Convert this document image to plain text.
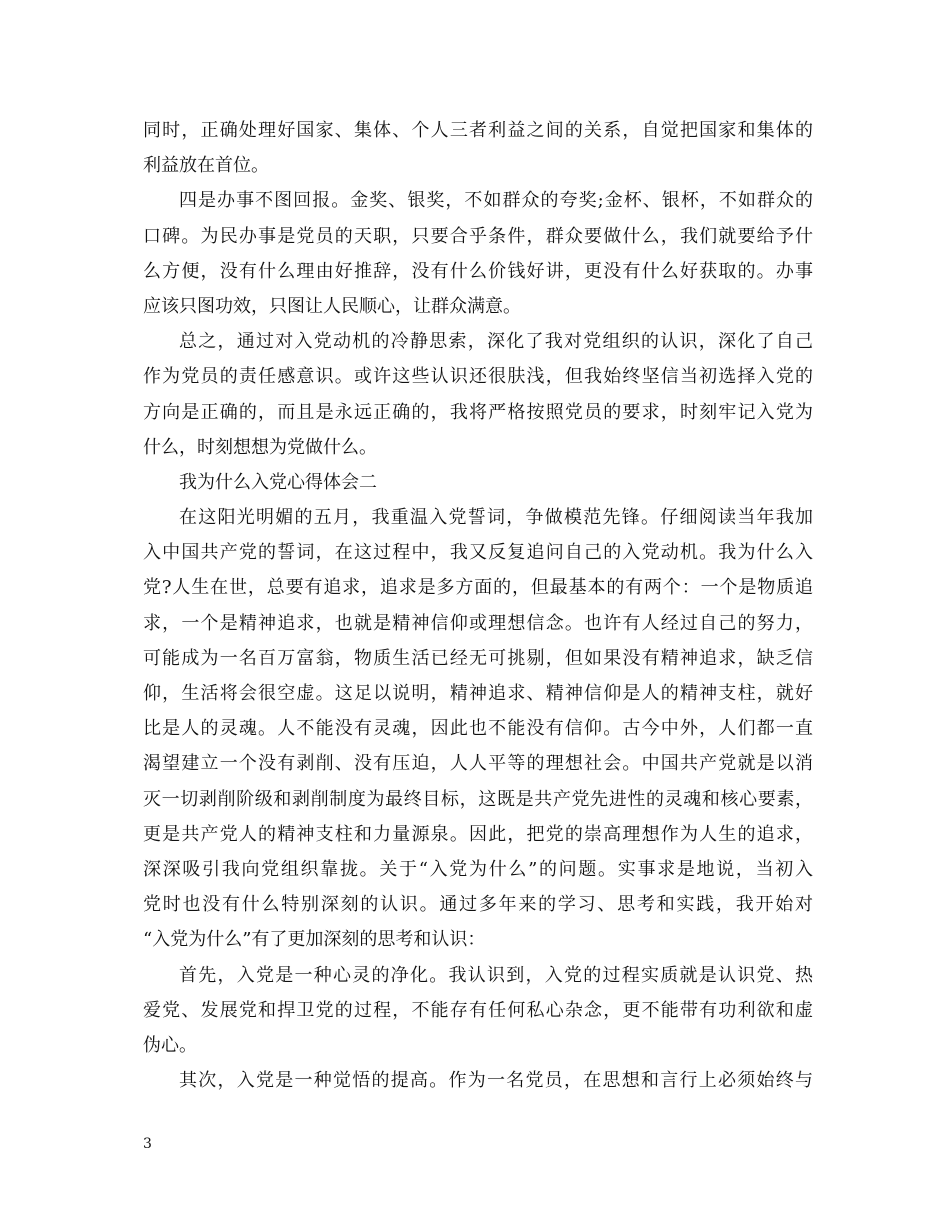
同时，正确处理好国家、集体、个人三者利益之间的关系，自觉把国家和集体的
利益放在首位。
四是办事不图回报。金奖、银奖，不如群众的夸奖;金杯、银杯，不如群众的
口碑。为民办事是党员的天职，只要合乎条件，群众要做什么，我们就要给予什
么方便，没有什么理由好推辞，没有什么价钱好讲，更没有什么好获取的。办事
应该只图功效，只图让人民顺心，让群众满意。
总之，通过对入党动机的冷静思索，深化了我对党组织的认识，深化了自己
作为党员的责任感意识。或许这些认识还很肤浅，但我始终坚信当初选择入党的
方向是正确的，而且是永远正确的，我将严格按照党员的要求，时刻牢记入党为
什么，时刻想想为党做什么。
我为什么入党心得体会二
在这阳光明媚的五月，我重温入党誓词，争做模范先锋。仔细阅读当年我加
入中国共产党的誓词，在这过程中，我又反复追问自己的入党动机。我为什么入
党?人生在世，总要有追求，追求是多方面的，但最基本的有两个：一个是物质追
求，一个是精神追求，也就是精神信仰或理想信念。也许有人经过自己的努力，
可能成为一名百万富翁，物质生活已经无可挑剔，但如果没有精神追求，缺乏信
仰，生活将会很空虚。这足以说明，精神追求、精神信仰是人的精神支柱，就好
比是人的灵魂。人不能没有灵魂，因此也不能没有信仰。古今中外，人们都一直
渴望建立一个没有剥削、没有压迫，人人平等的理想社会。中国共产党就是以消
灭一切剥削阶级和剥削制度为最终目标，这既是共产党先进性的灵魂和核心要素，
更是共产党人的精神支柱和力量源泉。因此，把党的崇高理想作为人生的追求，
深深吸引我向党组织靠拢。关于“入党为什么”的问题。实事求是地说，当初入
党时也没有什么特别深刻的认识。通过多年来的学习、思考和实践，我开始对
“入党为什么”有了更加深刻的思考和认识：
首先，入党是一种心灵的净化。我认识到，入党的过程实质就是认识党、热
爱党、发展党和捍卫党的过程，不能存有任何私心杂念，更不能带有功利欲和虚
伪心。
其次，入党是一种觉悟的提高。作为一名党员，在思想和言行上必须始终与
3
